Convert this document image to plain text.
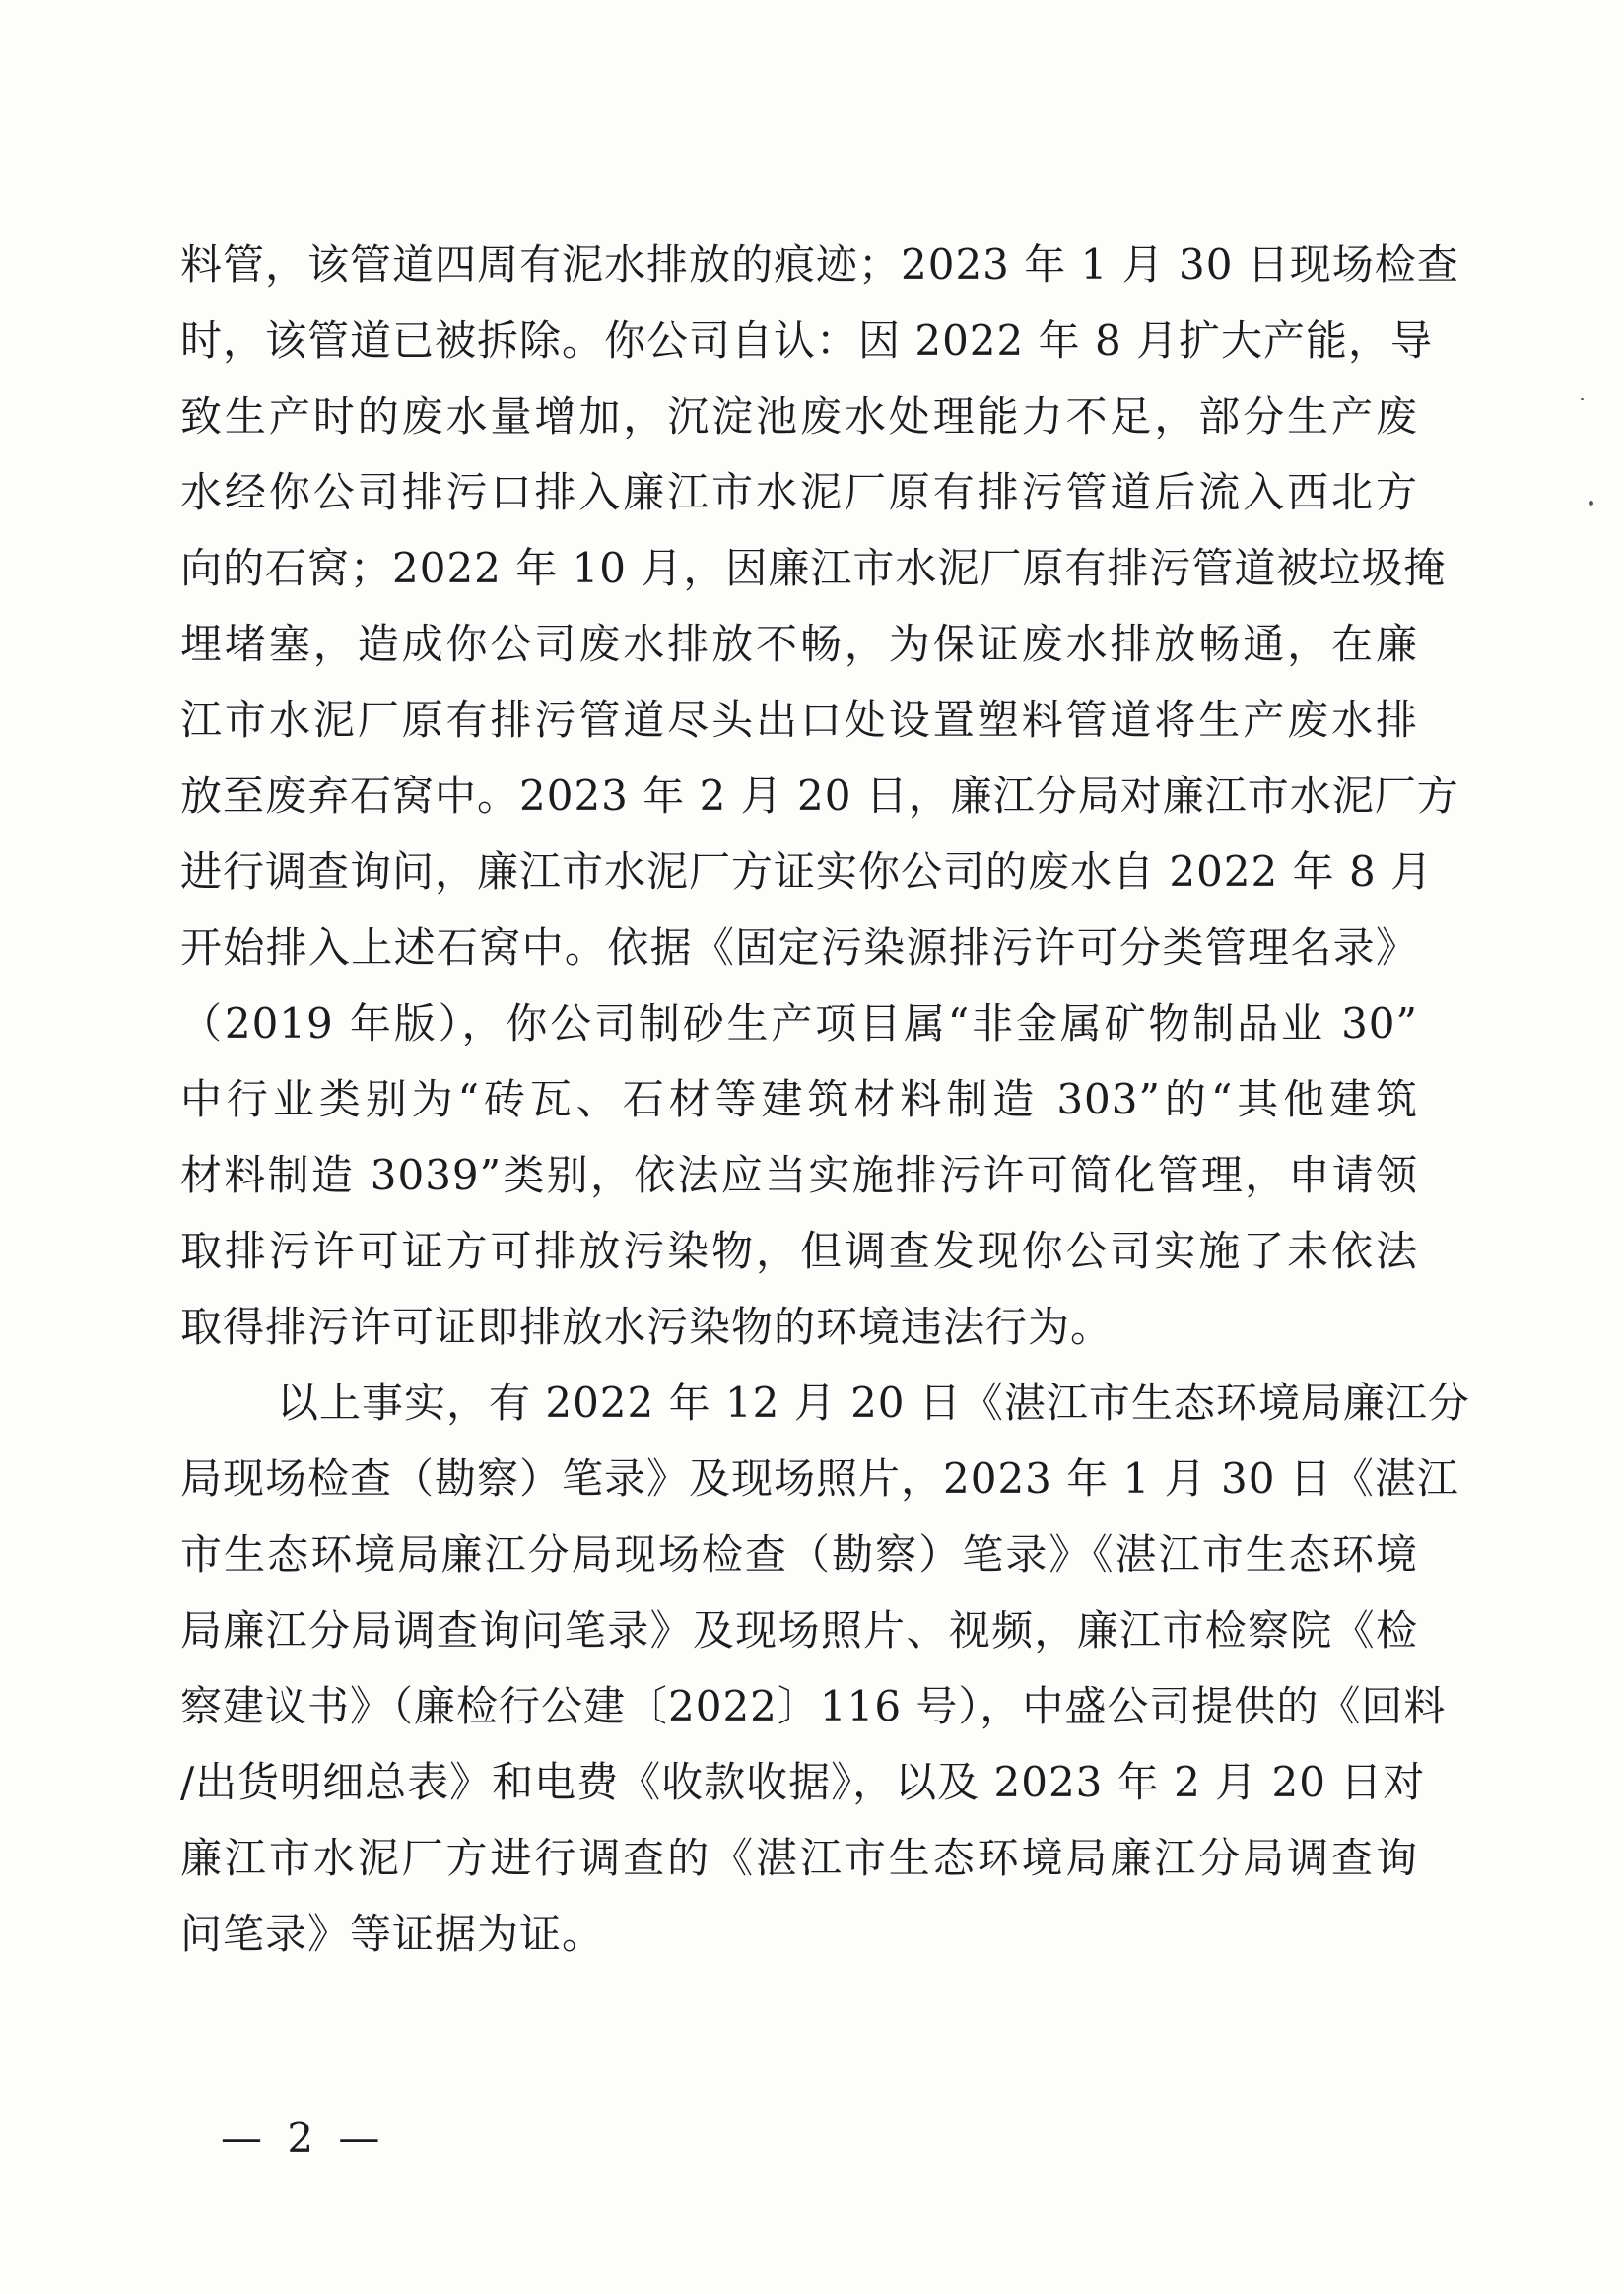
料管，该管道四周有泥水排放的痕迹；2023 年 1 月 30 日现场检查
时，该管道已被拆除。你公司自认：因 2022 年 8 月扩大产能，导
致生产时的废水量增加，沉淀池废水处理能力不足，部分生产废
水经你公司排污口排入廉江市水泥厂原有排污管道后流入西北方
向的石窝；2022 年 10 月，因廉江市水泥厂原有排污管道被垃圾掩
埋堵塞，造成你公司废水排放不畅，为保证废水排放畅通，在廉
江市水泥厂原有排污管道尽头出口处设置塑料管道将生产废水排
放至废弃石窝中。2023 年 2 月 20 日，廉江分局对廉江市水泥厂方
进行调查询问，廉江市水泥厂方证实你公司的废水自 2022 年 8 月
开始排入上述石窝中。依据《固定污染源排污许可分类管理名录》
（2019 年版），你公司制砂生产项目属“非金属矿物制品业 30”
中行业类别为“砖瓦、石材等建筑材料制造 303”的“其他建筑
材料制造 3039”类别，依法应当实施排污许可简化管理，申请领
取排污许可证方可排放污染物，但调查发现你公司实施了未依法
取得排污许可证即排放水污染物的环境违法行为。
以上事实，有 2022 年 12 月 20 日《湛江市生态环境局廉江分
局现场检查（勘察）笔录》及现场照片，2023 年 1 月 30 日《湛江
市生态环境局廉江分局现场检查（勘察）笔录》《湛江市生态环境
局廉江分局调查询问笔录》及现场照片、视频，廉江市检察院《检
察建议书》（廉检行公建〔2022〕116 号），中盛公司提供的《回料
/出货明细总表》和电费《收款收据》，以及 2023 年 2 月 20 日对
廉江市水泥厂方进行调查的《湛江市生态环境局廉江分局调查询
问笔录》等证据为证。
— 2 —
